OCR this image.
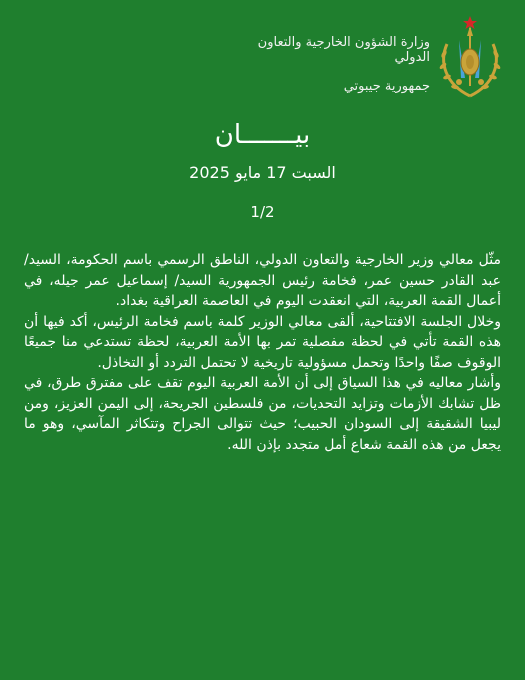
وزارة الشؤون الخارجية والتعاون
الدولي
جمهورية جيبوتي
بيـــــــان
السبت 17 مايو 2025
1/2

مثّل معالي وزير الخارجية والتعاون الدولي، الناطق الرسمي باسم الحكومة، السيد/ عبد القادر حسين عمر، فخامة رئيس الجمهورية السيد/ إسماعيل عمر جيله، في أعمال القمة العربية، التي انعقدت اليوم في العاصمة العراقية بغداد.

وخلال الجلسة الافتتاحية، ألقى معالي الوزير كلمة باسم فخامة الرئيس، أكد فيها أن هذه القمة تأتي في لحظة مفصلية تمر بها الأمة العربية، لحظة تستدعي منا جميعًا الوقوف صفًا واحدًا وتحمل مسؤولية تاريخية لا تحتمل التردد أو التخاذل.

وأشار معاليه في هذا السياق إلى أن الأمة العربية اليوم تقف على مفترق طرق، في ظل تشابك الأزمات وتزايد التحديات، من فلسطين الجريحة، إلى اليمن العزيز، ومن ليبيا الشقيقة إلى السودان الحبيب؛ حيث تتوالى الجراح وتتكاثر المآسي، وهو ما يجعل من هذه القمة شعاع أمل متجدد بإذن الله.
